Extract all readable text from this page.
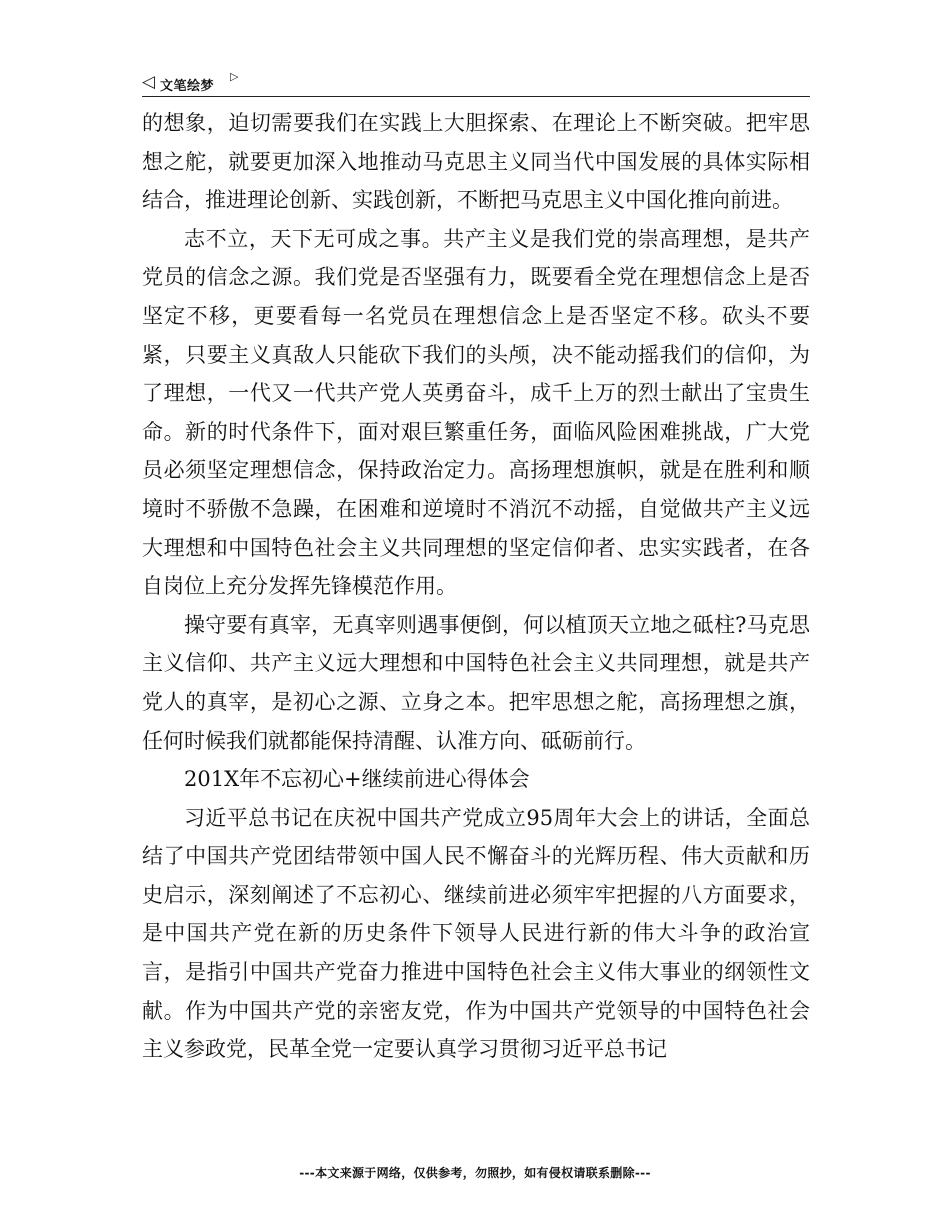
◁ 文笔绘梦
▷

的想象，迫切需要我们在实践上大胆探索、在理论上不断突破。把牢思想之舵，就要更加深入地推动马克思主义同当代中国发展的具体实际相结合，推进理论创新、实践创新，不断把马克思主义中国化推向前进。

志不立，天下无可成之事。共产主义是我们党的崇高理想，是共产党员的信念之源。我们党是否坚强有力，既要看全党在理想信念上是否坚定不移，更要看每一名党员在理想信念上是否坚定不移。砍头不要紧，只要主义真敌人只能砍下我们的头颅，决不能动摇我们的信仰，为了理想，一代又一代共产党人英勇奋斗，成千上万的烈士献出了宝贵生命。新的时代条件下，面对艰巨繁重任务，面临风险困难挑战，广大党员必须坚定理想信念，保持政治定力。高扬理想旗帜，就是在胜利和顺境时不骄傲不急躁，在困难和逆境时不消沉不动摇，自觉做共产主义远大理想和中国特色社会主义共同理想的坚定信仰者、忠实实践者，在各自岗位上充分发挥先锋模范作用。

操守要有真宰，无真宰则遇事便倒，何以植顶天立地之砥柱?马克思主义信仰、共产主义远大理想和中国特色社会主义共同理想，就是共产党人的真宰，是初心之源、立身之本。把牢思想之舵，高扬理想之旗，任何时候我们就都能保持清醒、认准方向、砥砺前行。

201X年不忘初心+继续前进心得体会

习近平总书记在庆祝中国共产党成立95周年大会上的讲话，全面总结了中国共产党团结带领中国人民不懈奋斗的光辉历程、伟大贡献和历史启示，深刻阐述了不忘初心、继续前进必须牢牢把握的八方面要求，是中国共产党在新的历史条件下领导人民进行新的伟大斗争的政治宣言，是指引中国共产党奋力推进中国特色社会主义伟大事业的纲领性文献。作为中国共产党的亲密友党，作为中国共产党领导的中国特色社会主义参政党，民革全党一定要认真学习贯彻习近平总书记

---本文来源于网络，仅供参考，勿照抄，如有侵权请联系删除---
